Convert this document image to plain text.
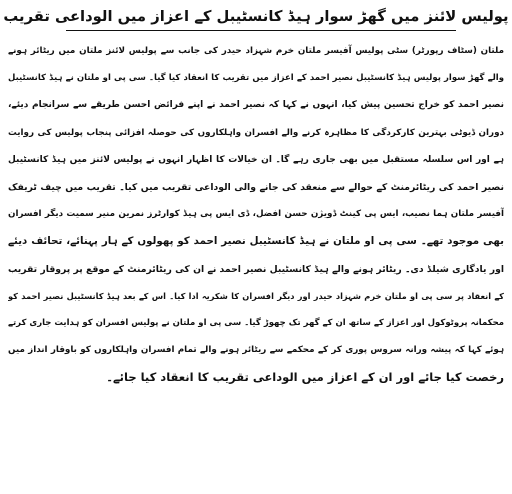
پولیس لائنز میں گھڑ سوار ہیڈ کانسٹیبل کے اعزاز میں الوداعی تقریب
ملتان (سٹاف رپورٹر) سٹی پولیس آفیسر ملتان خرم شہزاد حیدر کی جانب سے پولیس لائنز ملتان میں ریٹائر ہونے
والے گھڑ سوار پولیس ہیڈ کانسٹیبل نصیر احمد کے اعزاز میں تقریب کا انعقاد کیا گیا۔ سی پی او ملتان نے ہیڈ کانسٹیبل
نصیر احمد کو خراج تحسین پیش کیا، انہوں نے کہا کہ نصیر احمد نے اپنے فرائض احسن طریقے سے سرانجام دیئے،
دوران ڈیوٹی بہترین کارکردگی کا مظاہرہ کرنے والے افسران واہلکاروں کی حوصلہ افزائی پنجاب پولیس کی روایت
ہے اور اس سلسلہ مستقبل میں بھی جاری رہے گا۔ ان خیالات کا اظہار انہوں نے پولیس لائنز میں ہیڈ کانسٹیبل
نصیر احمد کی ریٹائرمنٹ کے حوالے سے منعقد کی جانے والی الوداعی تقریب میں کیا۔ تقریب میں چیف ٹریفک
آفیسر ملتان ہما نصیب، ایس پی کینٹ ڈویژن حسن افضل، ڈی ایس پی ہیڈ کوارٹرز نمرین منیر سمیت دیگر افسران
بھی موجود تھے۔ سی پی او ملتان نے ہیڈ کانسٹیبل نصیر احمد کو پھولوں کے ہار پہنائے، تحائف دیئے
اور یادگاری شیلڈ دی۔ ریٹائر ہونے والے ہیڈ کانسٹیبل نصیر احمد نے ان کی ریٹائرمنٹ کے موقع پر پروقار تقریب
کے انعقاد پر سی پی او ملتان خرم شہزاد حیدر اور دیگر افسران کا شکریہ ادا کیا۔ اس کے بعد ہیڈ کانسٹیبل نصیر احمد کو
محکمانہ پروٹوکول اور اعزاز کے ساتھ ان کے گھر تک چھوڑ گیا۔ سی پی او ملتان نے پولیس افسران کو ہدایت جاری کرتے
ہوئے کہا کہ پیشہ ورانہ سروس پوری کر کے محکمے سے ریٹائر ہونے والے تمام افسران واہلکاروں کو باوقار انداز میں
رخصت کیا جائے اور ان کے اعزاز میں الوداعی تقریب کا انعقاد کیا جائے۔
